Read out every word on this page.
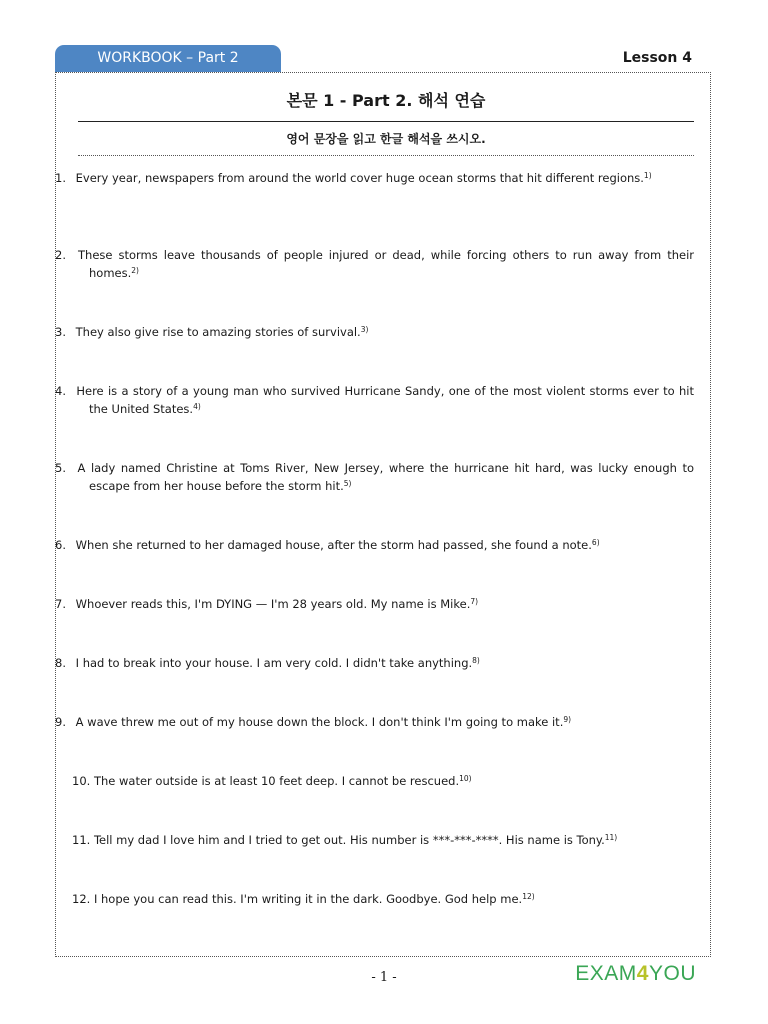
WORKBOOK – Part 2	Lesson 4
본문 1 - Part 2. 해석 연습
영어 문장을 읽고 한글 해석을 쓰시오.
1. Every year, newspapers from around the world cover huge ocean storms that hit different regions.$^{1)}$
2. These storms leave thousands of people injured or dead, while forcing others to run away from their homes.$^{2)}$
3. They also give rise to amazing stories of survival.$^{3)}$
4. Here is a story of a young man who survived Hurricane Sandy, one of the most violent storms ever to hit the United States.$^{4)}$
5. A lady named Christine at Toms River, New Jersey, where the hurricane hit hard, was lucky enough to escape from her house before the storm hit.$^{5)}$
6. When she returned to her damaged house, after the storm had passed, she found a note.$^{6)}$
7. Whoever reads this, I'm DYING — I'm 28 years old. My name is Mike.$^{7)}$
8. I had to break into your house. I am very cold. I didn't take anything.$^{8)}$
9. A wave threw me out of my house down the block. I don't think I'm going to make it.$^{9)}$
10. The water outside is at least 10 feet deep. I cannot be rescued.$^{10)}$
11. Tell my dad I love him and I tried to get out. His number is ***-***-****. His name is Tony.$^{11)}$
12. I hope you can read this. I'm writing it in the dark. Goodbye. God help me.$^{12)}$
- 1 -	EXAM4YOU
